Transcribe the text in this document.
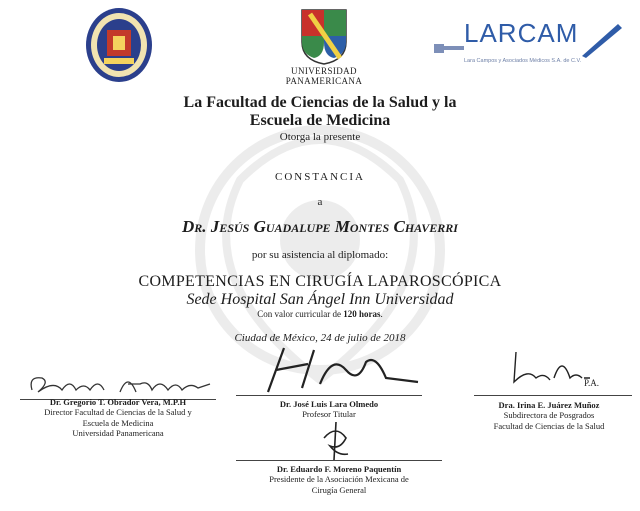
UNIVERSIDAD
PANAMERICANA
LARCAM
Lara Campos y Asociados Médicos S.A. de C.V.
La Facultad de Ciencias de la Salud y la
Escuela de Medicina
Otorga la presente
CONSTANCIA
a
Dr. Jesús Guadalupe Montes Chaverri
por su asistencia al diplomado:
COMPETENCIAS EN CIRUGÍA LAPAROSCÓPICA
Sede Hospital San Ángel Inn Universidad
Con valor curricular de 120 horas.
Ciudad de México, 24 de julio de 2018
P.A.
Dr. Gregorio T. Obrador Vera, M.P.H
Director Facultad de Ciencias de la Salud y
Escuela de Medicina
Universidad Panamericana
Dr. José Luis Lara Olmedo
Profesor Titular
Dra. Irina E. Juárez Muñoz
Subdirectora de Posgrados
Facultad de Ciencias de la Salud
Dr. Eduardo F. Moreno Paquentín
Presidente de la Asociación Mexicana de
Cirugía General
